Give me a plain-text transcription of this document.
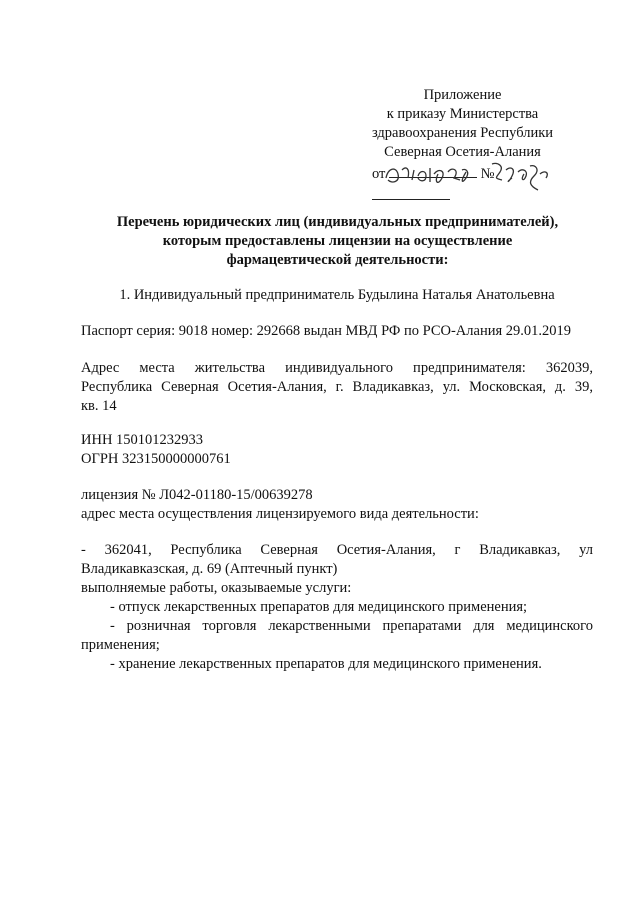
Приложение
к приказу Министерства
здравоохранения Республики
Северная Осетия-Алания
от	№
Перечень юридических лиц (индивидуальных предпринимателей),
которым предоставлены лицензии на осуществление
фармацевтической деятельности:
1. Индивидуальный предприниматель Будылина Наталья Анатольевна
Паспорт серия: 9018 номер: 292668 выдан МВД РФ по РСО-Алания 29.01.2019
Адрес места жительства индивидуального предпринимателя: 362039,
Республика Северная Осетия-Алания, г. Владикавказ, ул. Московская, д. 39,
кв. 14
ИНН 150101232933
ОГРН 323150000000761
лицензия № Л042-01180-15/00639278
адрес места осуществления лицензируемого вида деятельности:
- 362041, Республика Северная Осетия-Алания, г Владикавказ, ул
Владикавказская, д. 69 (Аптечный пункт)
выполняемые работы, оказываемые услуги:
- отпуск лекарственных препаратов для медицинского применения;
- розничная торговля лекарственными препаратами для медицинского
применения;
- хранение лекарственных препаратов для медицинского применения.
